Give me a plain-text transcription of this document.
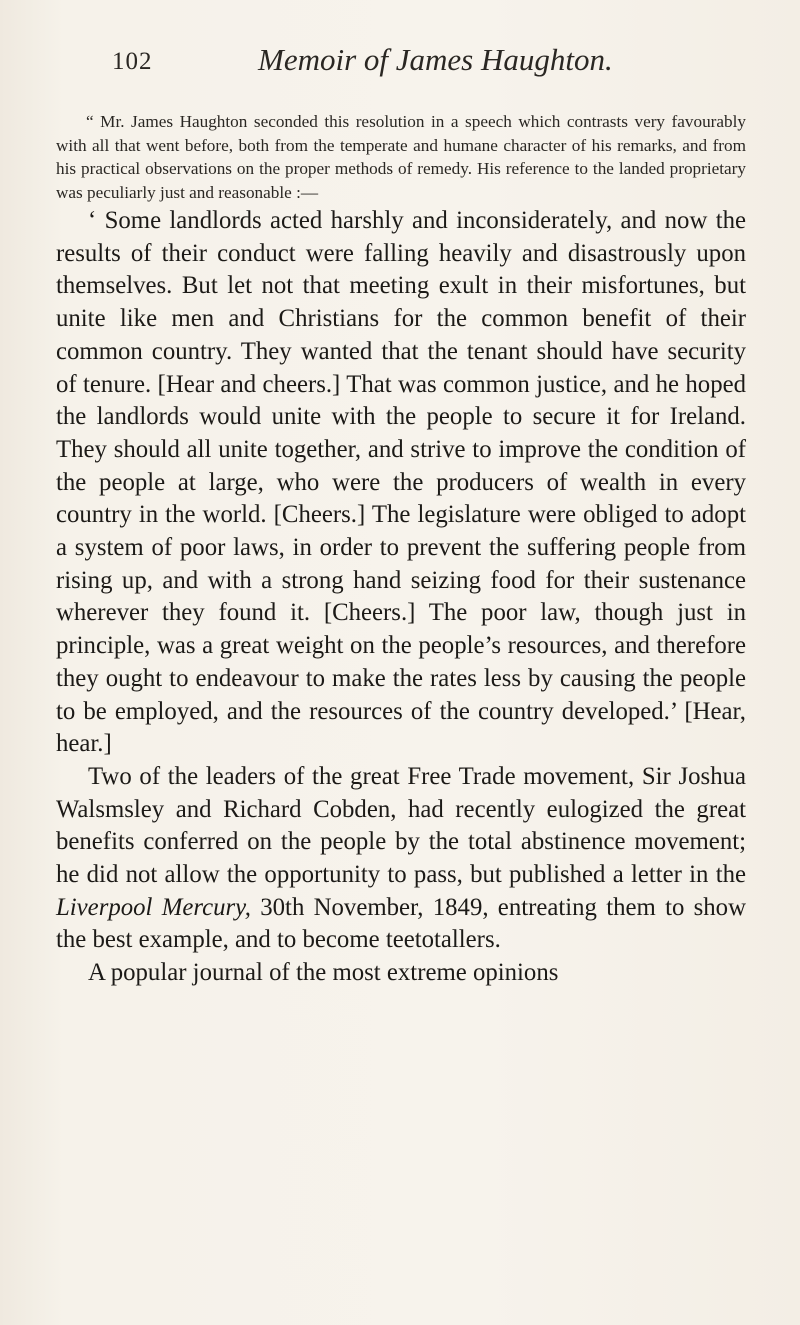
102	Memoir of James Haughton.

“ Mr. James Haughton seconded this resolution in a speech which contrasts very favourably with all that went before, both from the temperate and humane character of his remarks, and from his practical observations on the proper methods of remedy. His reference to the landed proprietary was peculiarly just and reasonable :—

‘ Some landlords acted harshly and inconsiderately, and now the results of their conduct were falling heavily and disastrously upon themselves. But let not that meeting exult in their misfortunes, but unite like men and Christians for the common benefit of their common country. They wanted that the tenant should have security of tenure. [Hear and cheers.] That was common justice, and he hoped the landlords would unite with the people to secure it for Ireland. They should all unite together, and strive to improve the condition of the people at large, who were the producers of wealth in every country in the world. [Cheers.] The legislature were obliged to adopt a system of poor laws, in order to prevent the suffering people from rising up, and with a strong hand seizing food for their sustenance wherever they found it. [Cheers.] The poor law, though just in principle, was a great weight on the people’s resources, and therefore they ought to endeavour to make the rates less by causing the people to be employed, and the resources of the country developed.’ [Hear, hear.]

Two of the leaders of the great Free Trade movement, Sir Joshua Walsmsley and Richard Cobden, had recently eulogized the great benefits conferred on the people by the total abstinence movement; he did not allow the opportunity to pass, but published a letter in the Liverpool Mercury, 30th November, 1849, entreating them to show the best example, and to become teetotallers.

A popular journal of the most extreme opinions
